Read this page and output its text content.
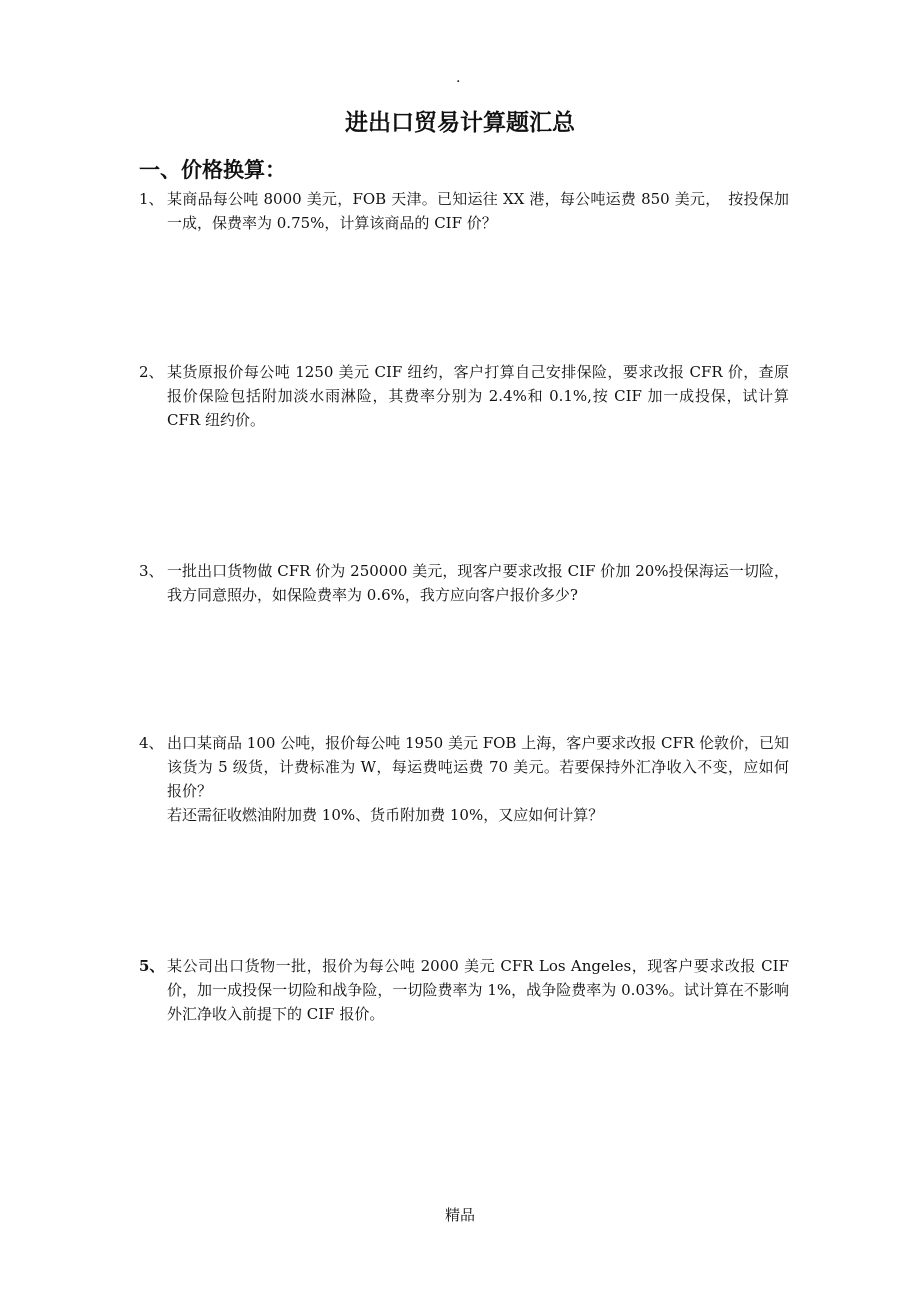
.
进出口贸易计算题汇总
一、价格换算：
1、 某商品每公吨 8000 美元，FOB 天津。已知运往 XX 港，每公吨运费 850 美元，　按投保加一成，保费率为 0.75%，计算该商品的 CIF 价？
2、 某货原报价每公吨 1250 美元 CIF 纽约，客户打算自己安排保险，要求改报 CFR 价，查原报价保险包括附加淡水雨淋险，其费率分别为 2.4%和 0.1%,按 CIF 加一成投保，试计算 CFR 纽约价。
3、 一批出口货物做 CFR 价为 250000 美元，现客户要求改报 CIF 价加 20%投保海运一切险，我方同意照办，如保险费率为 0.6%，我方应向客户报价多少?
4、 出口某商品 100 公吨，报价每公吨 1950 美元 FOB 上海，客户要求改报 CFR 伦敦价，已知该货为 5 级货，计费标准为 W，每运费吨运费 70 美元。若要保持外汇净收入不变，应如何报价？
若还需征收燃油附加费 10%、货币附加费 10%，又应如何计算？
5、 某公司出口货物一批，报价为每公吨 2000 美元 CFR Los Angeles，现客户要求改报 CIF 价，加一成投保一切险和战争险，一切险费率为 1%，战争险费率为 0.03%。试计算在不影响外汇净收入前提下的 CIF 报价。
精品
